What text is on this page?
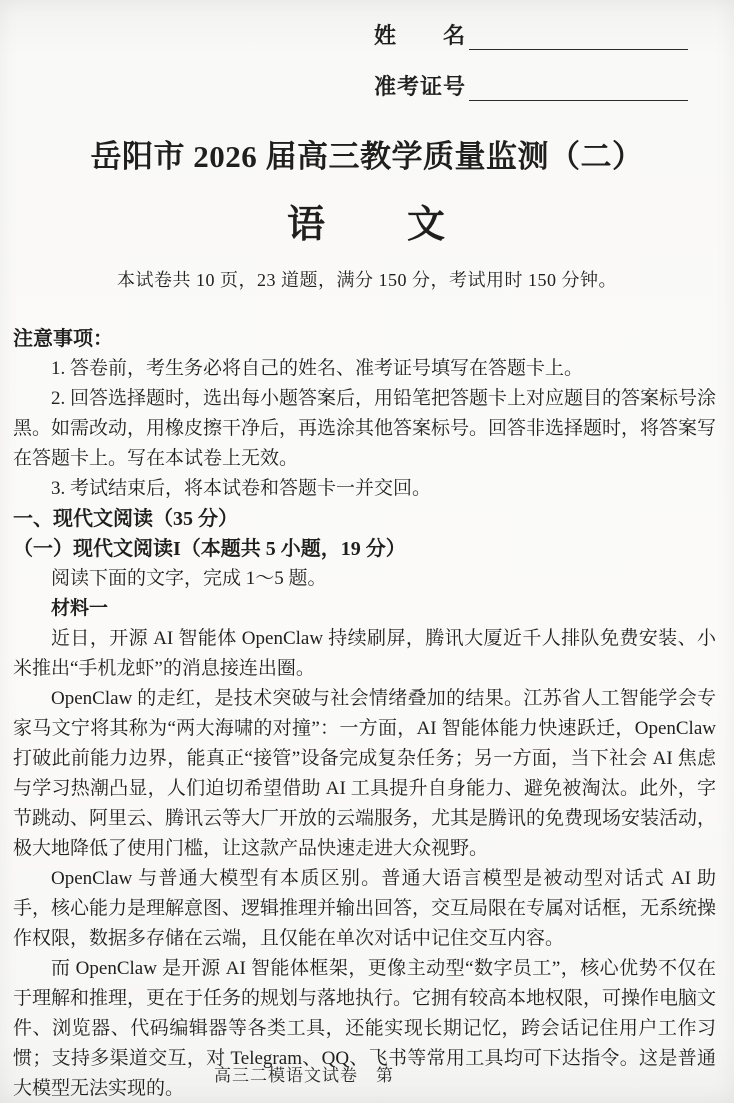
姓　　名
准考证号
岳阳市 2026 届高三教学质量监测（二）
语　　文

本试卷共 10 页，23 道题，满分 150 分，考试用时 150 分钟。

注意事项：

1. 答卷前，考生务必将自己的姓名、准考证号填写在答题卡上。

2. 回答选择题时，选出每小题答案后，用铅笔把答题卡上对应题目的答案标号涂黑。如需改动，用橡皮擦干净后，再选涂其他答案标号。回答非选择题时，将答案写在答题卡上。写在本试卷上无效。

3. 考试结束后，将本试卷和答题卡一并交回。

一、现代文阅读（35 分）

（一）现代文阅读I（本题共 5 小题，19 分）

阅读下面的文字，完成 1～5 题。

材料一

近日，开源 AI 智能体 OpenClaw 持续刷屏，腾讯大厦近千人排队免费安装、小米推出“手机龙虾”的消息接连出圈。

OpenClaw 的走红，是技术突破与社会情绪叠加的结果。江苏省人工智能学会专家马文宁将其称为“两大海啸的对撞”：一方面，AI 智能体能力快速跃迁，OpenClaw 打破此前能力边界，能真正“接管”设备完成复杂任务；另一方面，当下社会 AI 焦虑与学习热潮凸显，人们迫切希望借助 AI 工具提升自身能力、避免被淘汰。此外，字节跳动、阿里云、腾讯云等大厂开放的云端服务，尤其是腾讯的免费现场安装活动，极大地降低了使用门槛，让这款产品快速走进大众视野。

OpenClaw 与普通大模型有本质区别。普通大语言模型是被动型对话式 AI 助手，核心能力是理解意图、逻辑推理并输出回答，交互局限在专属对话框，无系统操作权限，数据多存储在云端，且仅能在单次对话中记住交互内容。

而 OpenClaw 是开源 AI 智能体框架，更像主动型“数字员工”，核心优势不仅在于理解和推理，更在于任务的规划与落地执行。它拥有较高本地权限，可操作电脑文件、浏览器、代码编辑器等各类工具，还能实现长期记忆，跨会话记住用户工作习惯；支持多渠道交互，对 Telegram、QQ、飞书等常用工具均可下达指令。这是普通大模型无法实现的。

高三二模语文试卷　第
